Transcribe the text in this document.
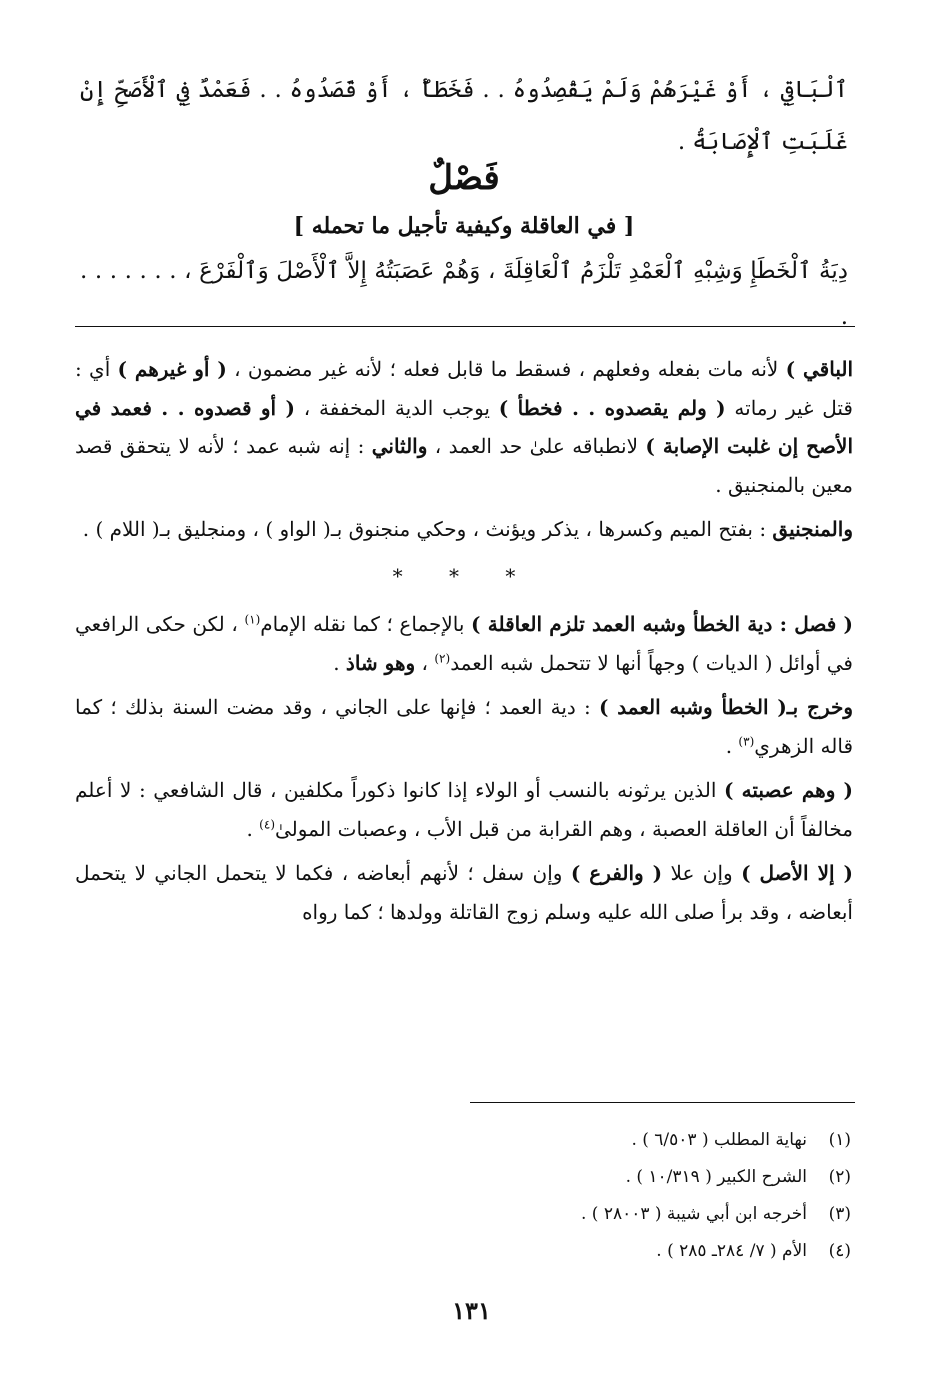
ٱلْبَاقِي ، أَوْ غَيْرَهُمْ وَلَمْ يَقْصِدُوهُ . . فَخَطَأٌ ، أَوْ قَصَدُوهُ . . فَعَمْدٌ فِي ٱلْأَصَحِّ إِنْ غَلَبَتِ ٱلْإِصَابَةُ .

فَصْلٌ
[ في العاقلة وكيفية تأجيل ما تحمله ]
دِيَةُ ٱلْخَطَإِ وَشِبْهِ ٱلْعَمْدِ تَلْزَمُ ٱلْعَاقِلَةَ ، وَهُمْ عَصَبَتُهُ إِلاَّ ٱلْأَصْلَ وَٱلْفَرْعَ ، . . . . . . . .

الباقي ) لأنه مات بفعله وفعلهم ، فسقط ما قابل فعله ؛ لأنه غير مضمون ، ( أو غيرهم ) أي : قتل غير رماته ( ولم يقصدوه . . فخطأ ) يوجب الدية المخففة ، ( أو قصدوه . . فعمد في الأصح إن غلبت الإصابة ) لانطباقه علىٰ حد العمد ، والثاني : إنه شبه عمد ؛ لأنه لا يتحقق قصد معين بالمنجنيق .

والمنجنيق : بفتح الميم وكسرها ، يذكر ويؤنث ، وحكي منجنوق بـ( الواو ) ، ومنجليق بـ( اللام ) .

* * *

( فصل : دية الخطأ وشبه العمد تلزم العاقلة ) بالإجماع ؛ كما نقله الإمام$^{(١)}$ ، لكن حكى الرافعي في أوائل ( الديات ) وجهاً أنها لا تتحمل شبه العمد$^{(٢)}$ ، وهو شاذ .

وخرج بـ( الخطأ وشبه العمد ) : دية العمد ؛ فإنها على الجاني ، وقد مضت السنة بذلك ؛ كما قاله الزهري$^{(٣)}$ .

( وهم عصبته ) الذين يرثونه بالنسب أو الولاء إذا كانوا ذكوراً مكلفين ، قال الشافعي : لا أعلم مخالفاً أن العاقلة العصبة ، وهم القرابة من قبل الأب ، وعصبات المولىٰ$^{(٤)}$ .

( إلا الأصل ) وإن علا ( والفرع ) وإن سفل ؛ لأنهم أبعاضه ، فكما لا يتحمل الجاني لا يتحمل أبعاضه ، وقد برأ صلى الله عليه وسلم زوج القاتلة وولدها ؛ كما رواه

(١)
نهاية المطلب ( ٦/٥٠٣ ) .
(٢)
الشرح الكبير ( ١٠/٣١٩ ) .
(٣)
أخرجه ابن أبي شيبة ( ٢٨٠٠٣ ) .
(٤)
الأم ( ٧/ ٢٨٤ـ ٢٨٥ ) .
١٣١
